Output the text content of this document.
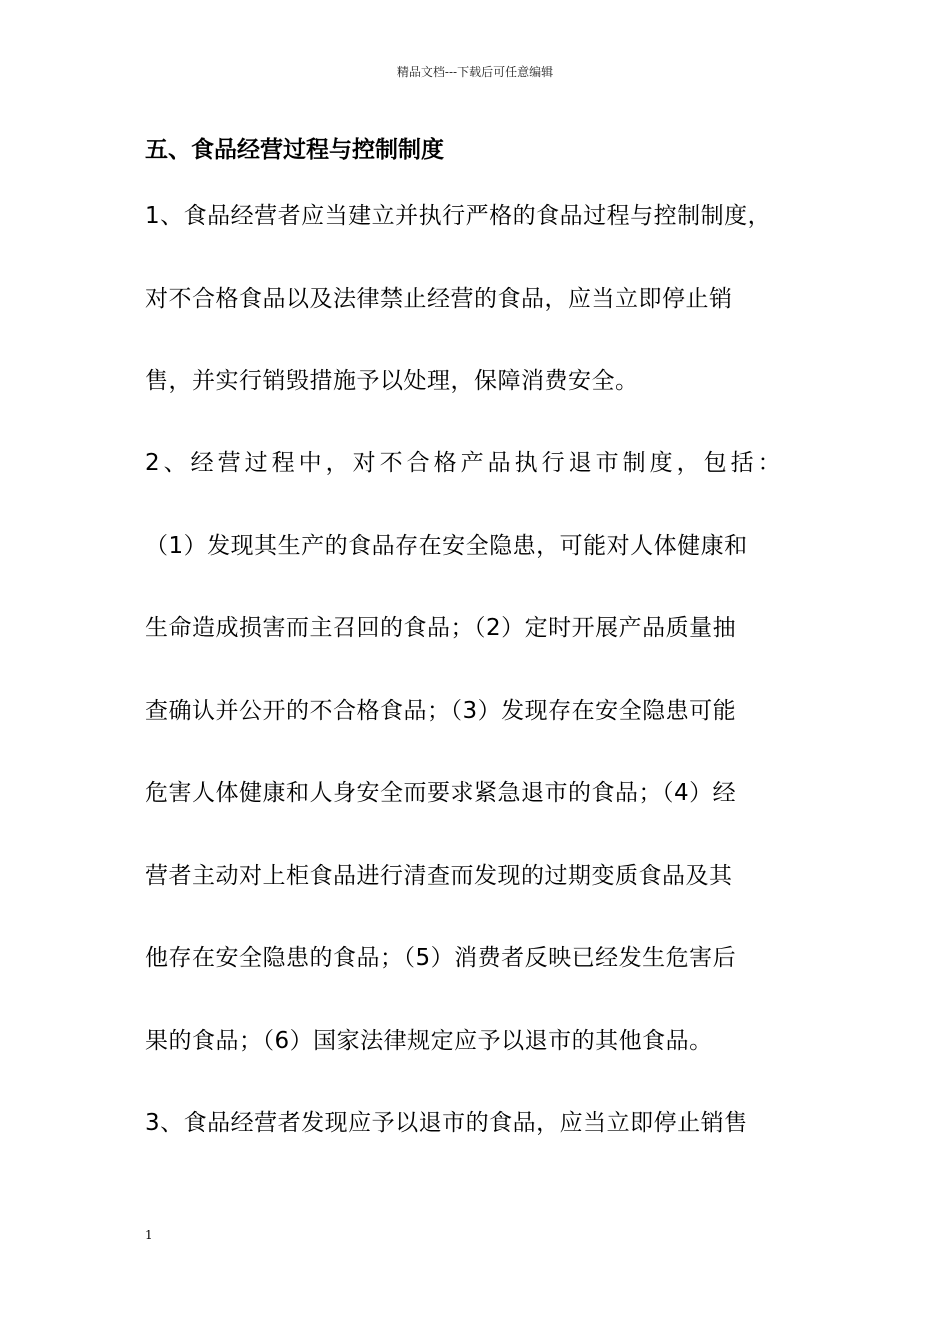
精品文档---下载后可任意编辑
五、食品经营过程与控制制度
1、食品经营者应当建立并执行严格的食品过程与控制制度，
对不合格食品以及法律禁止经营的食品，应当立即停止销
售，并实行销毁措施予以处理，保障消费安全。
2、经营过程中，对不合格产品执行退市制度，包括：
（1）发现其生产的食品存在安全隐患，可能对人体健康和
生命造成损害而主召回的食品；（2）定时开展产品质量抽
查确认并公开的不合格食品；（3）发现存在安全隐患可能
危害人体健康和人身安全而要求紧急退市的食品；（4）经
营者主动对上柜食品进行清查而发现的过期变质食品及其
他存在安全隐患的食品；（5）消费者反映已经发生危害后
果的食品；（6）国家法律规定应予以退市的其他食品。
3、食品经营者发现应予以退市的食品，应当立即停止销售
1
